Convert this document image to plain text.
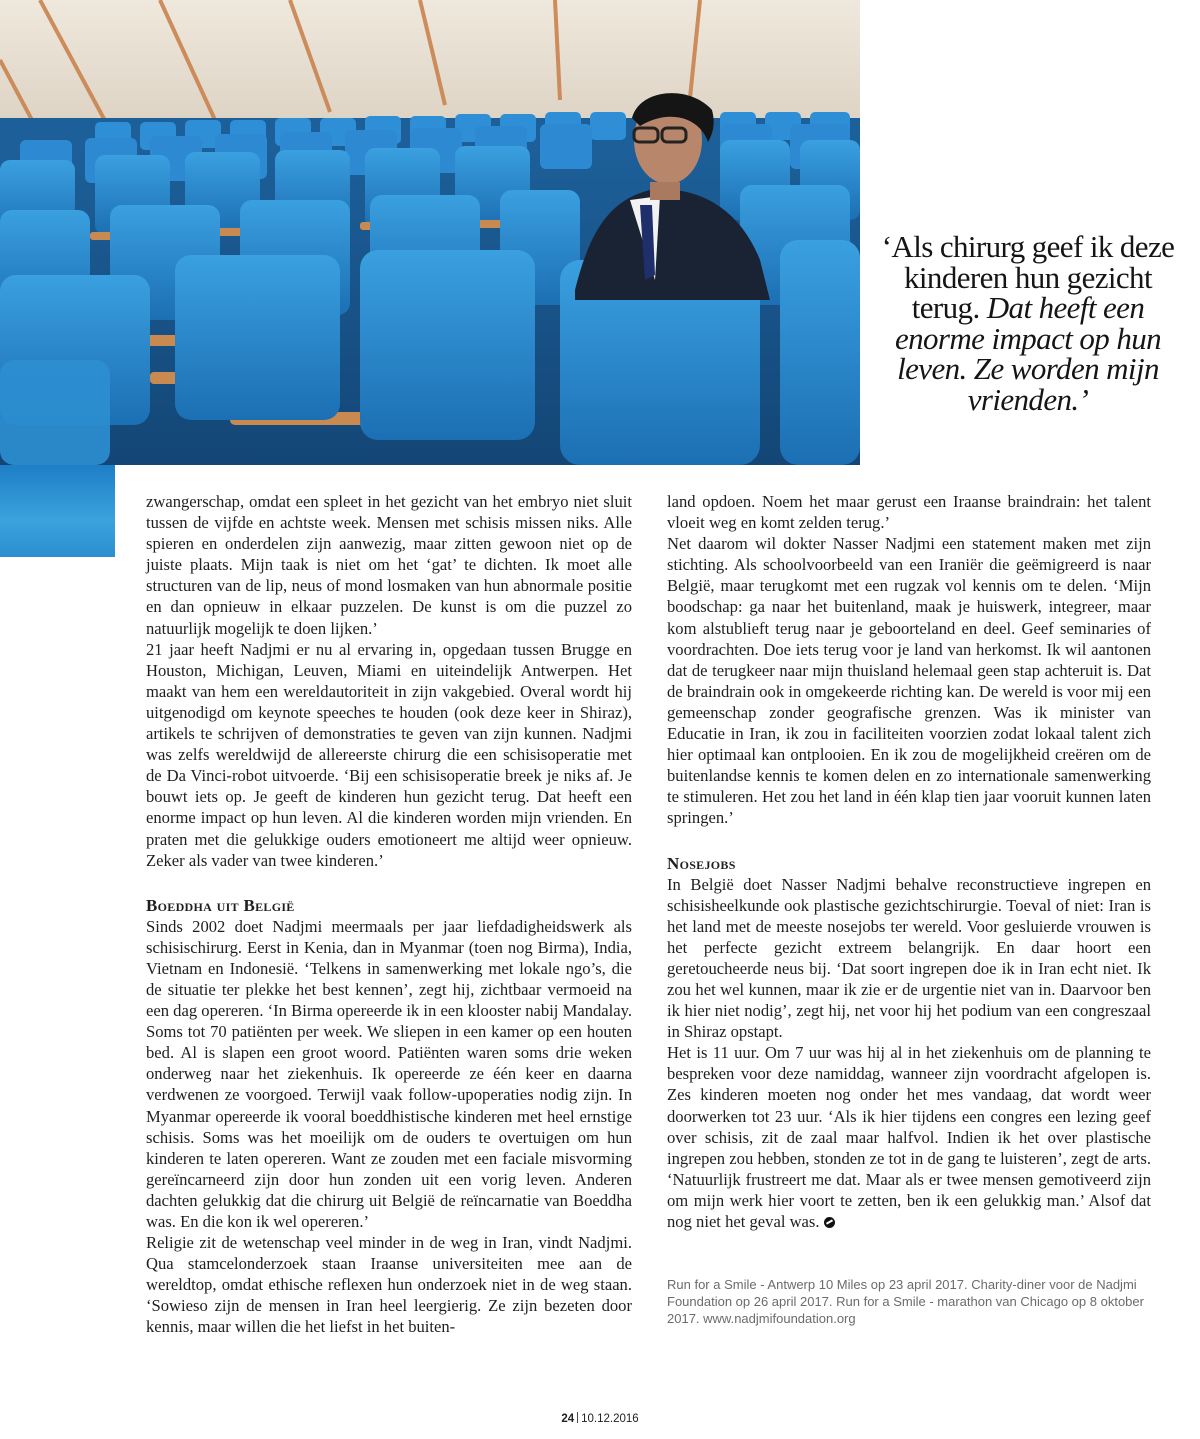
‘Als chirurg geef ik deze kinderen hun gezicht terug. Dat heeft een enorme impact op hun leven. Ze worden mijn vrienden.’

zwangerschap, omdat een spleet in het gezicht van het embryo niet sluit tussen de vijfde en achtste week. Mensen met schisis missen niks. Alle spieren en onderdelen zijn aanwezig, maar zitten gewoon niet op de juiste plaats. Mijn taak is niet om het ‘gat’ te dichten. Ik moet alle structuren van de lip, neus of mond losmaken van hun abnormale positie en dan opnieuw in elkaar puzzelen. De kunst is om die puzzel zo natuurlijk mogelijk te doen lijken.’

21 jaar heeft Nadjmi er nu al ervaring in, opgedaan tussen Brugge en Houston, Michigan, Leuven, Miami en uiteindelijk Antwerpen. Het maakt van hem een wereldautoriteit in zijn vakgebied. Overal wordt hij uitgenodigd om keynote speeches te houden (ook deze keer in Shiraz), artikels te schrijven of demonstraties te geven van zijn kunnen. Nadjmi was zelfs wereldwijd de allereerste chirurg die een schisisoperatie met de Da Vinci-robot uitvoerde. ‘Bij een schisisoperatie breek je niks af. Je bouwt iets op. Je geeft de kinderen hun gezicht terug. Dat heeft een enorme impact op hun leven. Al die kinderen worden mijn vrienden. En praten met die gelukkige ouders emotioneert me altijd weer opnieuw. Zeker als vader van twee kinderen.’

Boeddha uit België

Sinds 2002 doet Nadjmi meermaals per jaar liefdadigheidswerk als schisischirurg. Eerst in Kenia, dan in Myanmar (toen nog Birma), India, Vietnam en Indonesië. ‘Telkens in samenwerking met lokale ngo’s, die de situatie ter plekke het best kennen’, zegt hij, zichtbaar vermoeid na een dag opereren. ‘In Birma opereerde ik in een klooster nabij Mandalay. Soms tot 70 patiënten per week. We sliepen in een kamer op een houten bed. Al is slapen een groot woord. Patiënten waren soms drie weken onderweg naar het ziekenhuis. Ik opereerde ze één keer en daarna verdwenen ze voorgoed. Terwijl vaak follow-upoperaties nodig zijn. In Myanmar opereerde ik vooral boeddhistische kinderen met heel ernstige schisis. Soms was het moeilijk om de ouders te overtuigen om hun kinderen te laten opereren. Want ze zouden met een faciale misvorming gereïncarneerd zijn door hun zonden uit een vorig leven. Anderen dachten gelukkig dat die chirurg uit België de reïncarnatie van Boeddha was. En die kon ik wel opereren.’

Religie zit de wetenschap veel minder in de weg in Iran, vindt Nadjmi. Qua stamcelonderzoek staan Iraanse universiteiten mee aan de wereldtop, omdat ethische reflexen hun onderzoek niet in de weg staan. ‘Sowieso zijn de mensen in Iran heel leergierig. Ze zijn bezeten door kennis, maar willen die het liefst in het buiten-

land opdoen. Noem het maar gerust een Iraanse braindrain: het talent vloeit weg en komt zelden terug.’

Net daarom wil dokter Nasser Nadjmi een statement maken met zijn stichting. Als schoolvoorbeeld van een Iraniër die geëmigreerd is naar België, maar terugkomt met een rugzak vol kennis om te delen. ‘Mijn boodschap: ga naar het buitenland, maak je huiswerk, integreer, maar kom alstublieft terug naar je geboorteland en deel. Geef seminaries of voordrachten. Doe iets terug voor je land van herkomst. Ik wil aantonen dat de terugkeer naar mijn thuisland helemaal geen stap achteruit is. Dat de braindrain ook in omgekeerde richting kan. De wereld is voor mij een gemeenschap zonder geografische grenzen. Was ik minister van Educatie in Iran, ik zou in faciliteiten voorzien zodat lokaal talent zich hier optimaal kan ontplooien. En ik zou de mogelijkheid creëren om de buitenlandse kennis te komen delen en zo internationale samenwerking te stimuleren. Het zou het land in één klap tien jaar vooruit kunnen laten springen.’

Nosejobs

In België doet Nasser Nadjmi behalve reconstructieve ingrepen en schisisheelkunde ook plastische gezichtschirurgie. Toeval of niet: Iran is het land met de meeste nosejobs ter wereld. Voor gesluierde vrouwen is het perfecte gezicht extreem belangrijk. En daar hoort een geretoucheerde neus bij. ‘Dat soort ingrepen doe ik in Iran echt niet. Ik zou het wel kunnen, maar ik zie er de urgentie niet van in. Daarvoor ben ik hier niet nodig’, zegt hij, net voor hij het podium van een congreszaal in Shiraz opstapt.

Het is 11 uur. Om 7 uur was hij al in het ziekenhuis om de planning te bespreken voor deze namiddag, wanneer zijn voordracht afgelopen is. Zes kinderen moeten nog onder het mes vandaag, dat wordt weer doorwerken tot 23 uur. ‘Als ik hier tijdens een congres een lezing geef over schisis, zit de zaal maar halfvol. Indien ik het over plastische ingrepen zou hebben, stonden ze tot in de gang te luisteren’, zegt de arts. ‘Natuurlijk frustreert me dat. Maar als er twee mensen gemotiveerd zijn om mijn werk hier voort te zetten, ben ik een gelukkig man.’ Alsof dat nog niet het geval was.

Run for a Smile - Antwerp 10 Miles op 23 april 2017. Charity-diner voor de Nadjmi Foundation op 26 april 2017. Run for a Smile - marathon van Chicago op 8 oktober 2017. www.nadjmifoundation.org
24 10.12.2016
